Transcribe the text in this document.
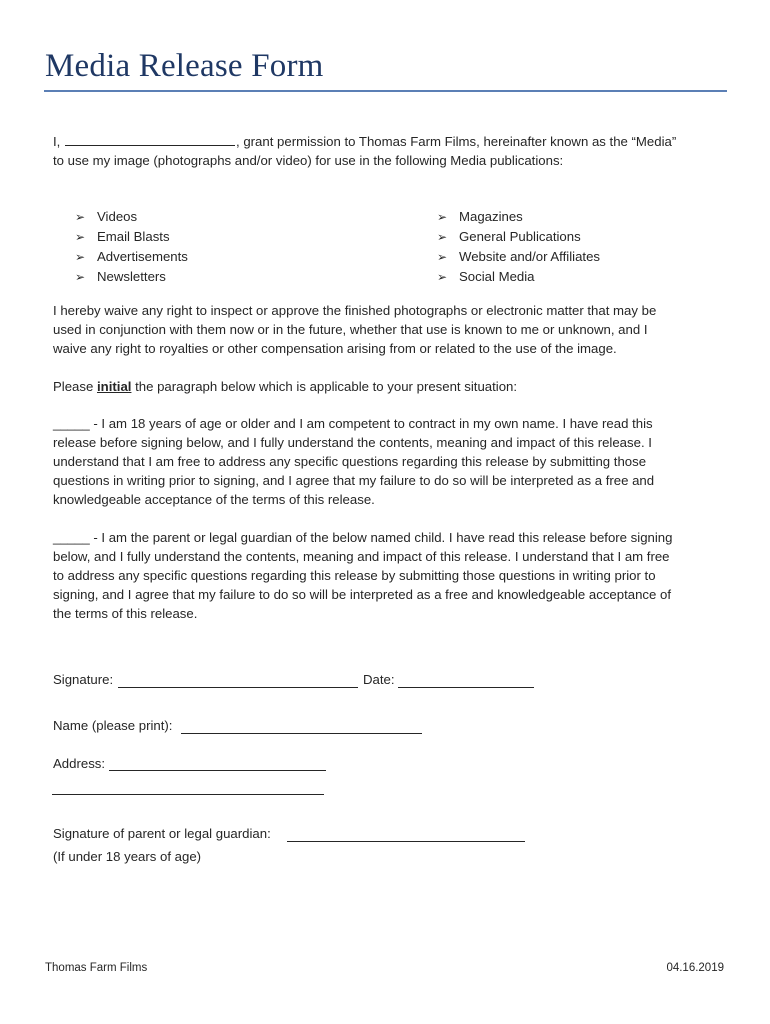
Media Release Form
I,	, grant permission to Thomas Farm Films, hereinafter known as the “Media”
to use my image (photographs and/or video) for use in the following Media publications:
➢ Videos
➢ Email Blasts
➢ Advertisements
➢ Newsletters
➢ Magazines
➢ General Publications
➢ Website and/or Affiliates
➢ Social Media
I hereby waive any right to inspect or approve the finished photographs or electronic matter that may be
used in conjunction with them now or in the future, whether that use is known to me or unknown, and I
waive any right to royalties or other compensation arising from or related to the use of the image.
Please initial the paragraph below which is applicable to your present situation:
_____ - I am 18 years of age or older and I am competent to contract in my own name. I have read this
release before signing below, and I fully understand the contents, meaning and impact of this release. I
understand that I am free to address any specific questions regarding this release by submitting those
questions in writing prior to signing, and I agree that my failure to do so will be interpreted as a free and
knowledgeable acceptance of the terms of this release.
_____ - I am the parent or legal guardian of the below named child. I have read this release before signing
below, and I fully understand the contents, meaning and impact of this release. I understand that I am free
to address any specific questions regarding this release by submitting those questions in writing prior to
signing, and I agree that my failure to do so will be interpreted as a free and knowledgeable acceptance of
the terms of this release.
Signature:	Date:
Name (please print):
Address:
Signature of parent or legal guardian:
(If under 18 years of age)
Thomas Farm Films	04.16.2019
